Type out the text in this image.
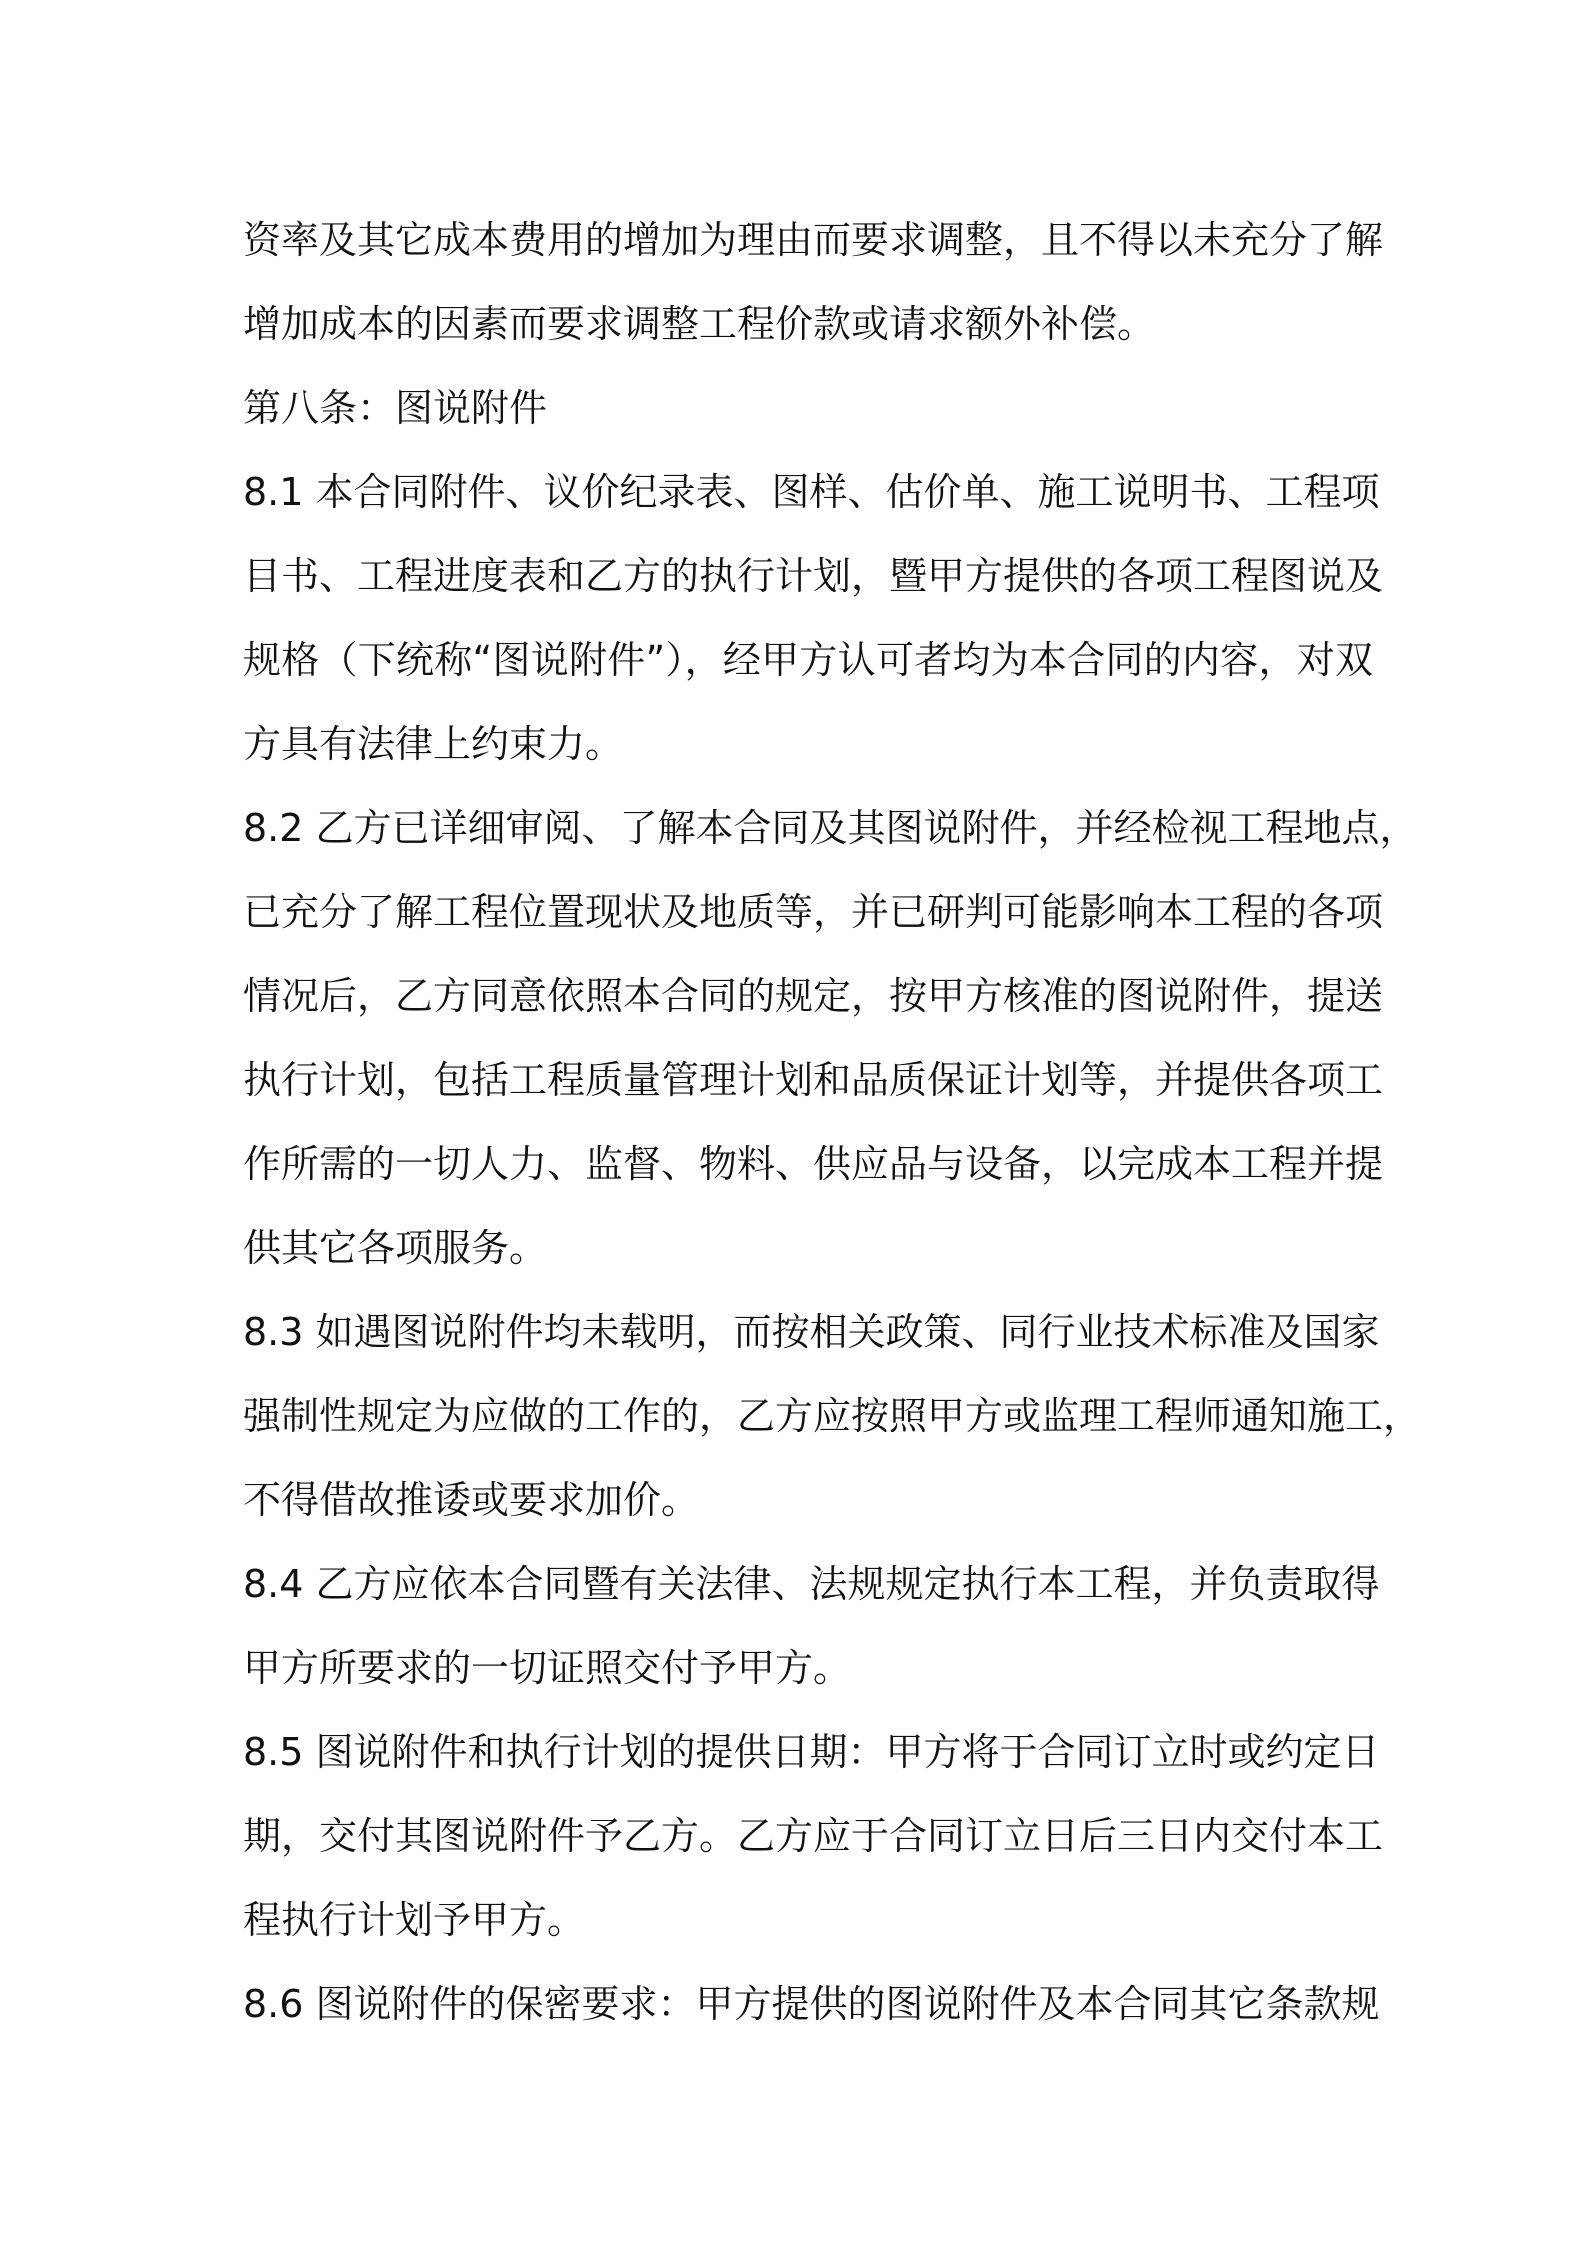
资率及其它成本费用的增加为理由而要求调整，且不得以未充分了解
增加成本的因素而要求调整工程价款或请求额外补偿。
第八条：图说附件
8.1 本合同附件、议价纪录表、图样、估价单、施工说明书、工程项
目书、工程进度表和乙方的执行计划，暨甲方提供的各项工程图说及
规格（下统称“图说附件”），经甲方认可者均为本合同的内容，对双
方具有法律上约束力。
8.2 乙方已详细审阅、了解本合同及其图说附件，并经检视工程地点，
已充分了解工程位置现状及地质等，并已研判可能影响本工程的各项
情况后，乙方同意依照本合同的规定，按甲方核准的图说附件，提送
执行计划，包括工程质量管理计划和品质保证计划等，并提供各项工
作所需的一切人力、监督、物料、供应品与设备，以完成本工程并提
供其它各项服务。
8.3 如遇图说附件均未载明，而按相关政策、同行业技术标准及国家
强制性规定为应做的工作的，乙方应按照甲方或监理工程师通知施工，
不得借故推诿或要求加价。
8.4 乙方应依本合同暨有关法律、法规规定执行本工程，并负责取得
甲方所要求的一切证照交付予甲方。
8.5 图说附件和执行计划的提供日期：甲方将于合同订立时或约定日
期，交付其图说附件予乙方。乙方应于合同订立日后三日内交付本工
程执行计划予甲方。
8.6 图说附件的保密要求：甲方提供的图说附件及本合同其它条款规
